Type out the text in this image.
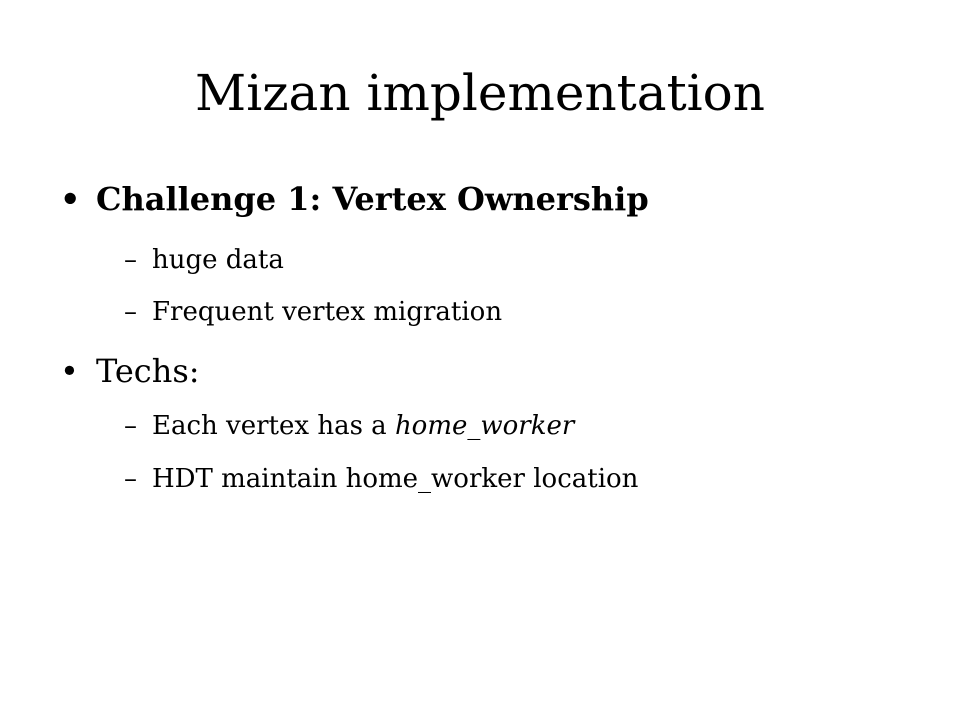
Mizan implementation
• Challenge 1: Vertex Ownership
– huge data
– Frequent vertex migration
• Techs:
– Each vertex has a home_worker
– HDT maintain home_worker location
